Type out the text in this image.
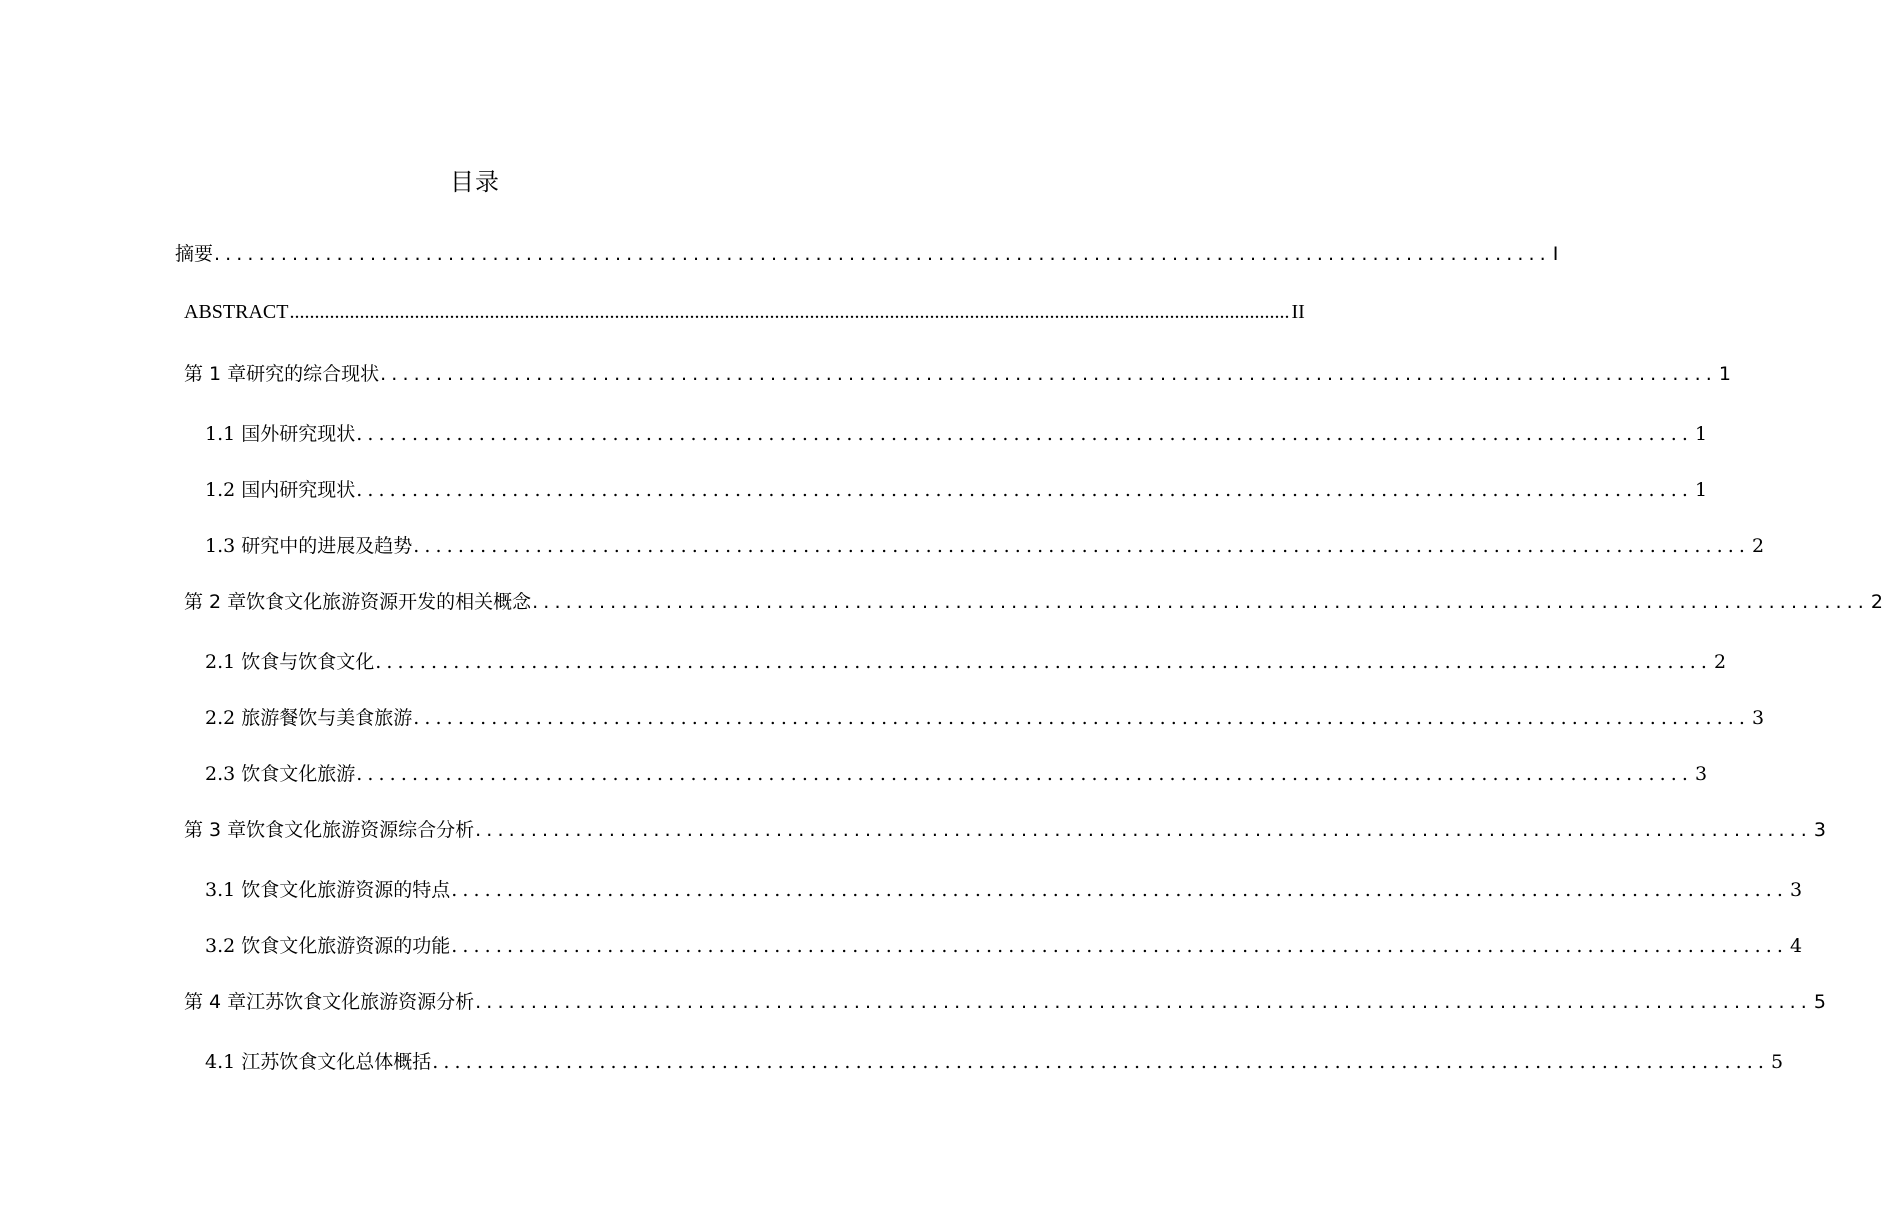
目录
摘要 ........................................................................................................................ I
ABSTRACT ........................................................................................................................................................................................................ II
第 1 章研究的综合现状 ........................................................................................................................ 1
1.1 国外研究现状 ........................................................................................................................ 1
1.2 国内研究现状 ........................................................................................................................ 1
1.3 研究中的进展及趋势 ........................................................................................................................ 2
第 2 章饮食文化旅游资源开发的相关概念 ........................................................................................................................ 2
2.1 饮食与饮食文化 ........................................................................................................................ 2
2.2 旅游餐饮与美食旅游 ........................................................................................................................ 3
2.3 饮食文化旅游 ........................................................................................................................ 3
第 3 章饮食文化旅游资源综合分析 ........................................................................................................................ 3
3.1 饮食文化旅游资源的特点 ........................................................................................................................ 3
3.2 饮食文化旅游资源的功能 ........................................................................................................................ 4
第 4 章江苏饮食文化旅游资源分析 ........................................................................................................................ 5
4.1 江苏饮食文化总体概括 ........................................................................................................................ 5
